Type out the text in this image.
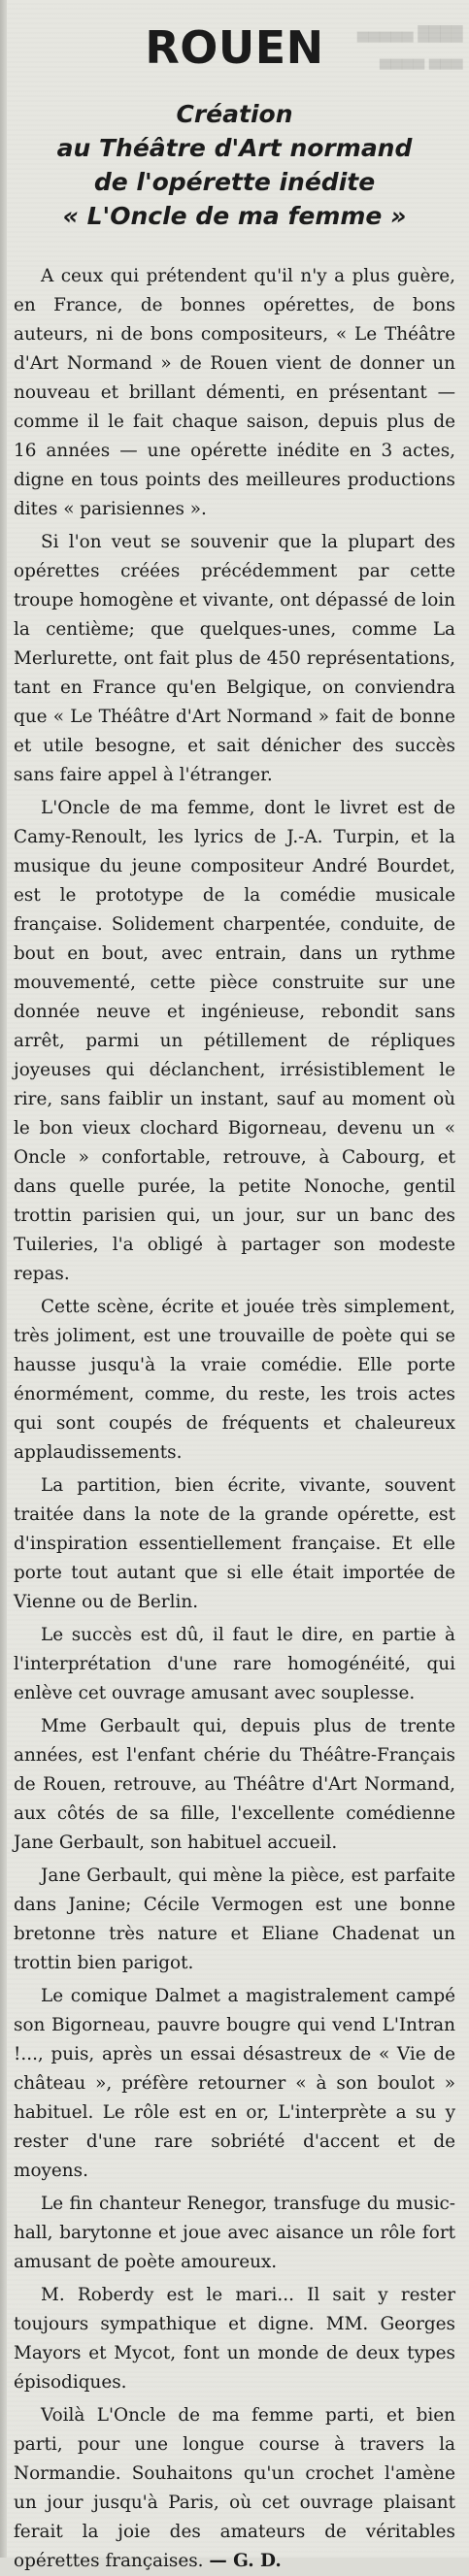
████ ▅▅▅▅▅
▅▅▅ ▅▅▅▅
ROUEN
Création
au Théâtre d'Art normand
de l'opérette inédite
« L'Oncle de ma femme »

A ceux qui prétendent qu'il n'y a plus guère, en France, de bonnes opérettes, de bons auteurs, ni de bons compositeurs, « Le Théâtre d'Art Normand » de Rouen vient de donner un nouveau et brillant démenti, en présentant — comme il le fait chaque saison, depuis plus de 16 années — une opérette inédite en 3 actes, digne en tous points des meilleures productions dites « parisiennes ».

Si l'on veut se souvenir que la plupart des opérettes créées précédemment par cette troupe homogène et vivante, ont dépassé de loin la centième; que quelques-unes, comme La Merlurette, ont fait plus de 450 représentations, tant en France qu'en Belgique, on conviendra que « Le Théâtre d'Art Normand » fait de bonne et utile besogne, et sait dénicher des succès sans faire appel à l'étranger.

L'Oncle de ma femme, dont le livret est de Camy-Renoult, les lyrics de J.-A. Turpin, et la musique du jeune compositeur André Bourdet, est le prototype de la comédie musicale française. Solidement charpentée, conduite, de bout en bout, avec entrain, dans un rythme mouvementé, cette pièce construite sur une donnée neuve et ingénieuse, rebondit sans arrêt, parmi un pétillement de répliques joyeuses qui déclanchent, irrésistiblement le rire, sans faiblir un instant, sauf au moment où le bon vieux clochard Bigorneau, devenu un « Oncle » confortable, retrouve, à Cabourg, et dans quelle purée, la petite Nonoche, gentil trottin parisien qui, un jour, sur un banc des Tuileries, l'a obligé à partager son modeste repas.

Cette scène, écrite et jouée très simplement, très joliment, est une trouvaille de poète qui se hausse jusqu'à la vraie comédie. Elle porte énormément, comme, du reste, les trois actes qui sont coupés de fréquents et chaleureux applaudissements.

La partition, bien écrite, vivante, souvent traitée dans la note de la grande opérette, est d'inspiration essentiellement française. Et elle porte tout autant que si elle était importée de Vienne ou de Berlin.

Le succès est dû, il faut le dire, en partie à l'interprétation d'une rare homogénéité, qui enlève cet ouvrage amusant avec souplesse.

Mme Gerbault qui, depuis plus de trente années, est l'enfant chérie du Théâtre-Français de Rouen, retrouve, au Théâtre d'Art Normand, aux côtés de sa fille, l'excellente comédienne Jane Gerbault, son habituel accueil.

Jane Gerbault, qui mène la pièce, est parfaite dans Janine; Cécile Vermogen est une bonne bretonne très nature et Eliane Chadenat un trottin bien parigot.

Le comique Dalmet a magistralement campé son Bigorneau, pauvre bougre qui vend L'Intran !..., puis, après un essai désastreux de « Vie de château », préfère retourner « à son boulot » habituel. Le rôle est en or, L'interprète a su y rester d'une rare sobriété d'accent et de moyens.

Le fin chanteur Renegor, transfuge du music-hall, barytonne et joue avec aisance un rôle fort amusant de poète amoureux.

M. Roberdy est le mari... Il sait y rester toujours sympathique et digne. MM. Georges Mayors et Mycot, font un monde de deux types épisodiques.

Voilà L'Oncle de ma femme parti, et bien parti, pour une longue course à travers la Normandie. Souhaitons qu'un crochet l'amène un jour jusqu'à Paris, où cet ouvrage plaisant ferait la joie des amateurs de véritables opérettes françaises. — G. D.
